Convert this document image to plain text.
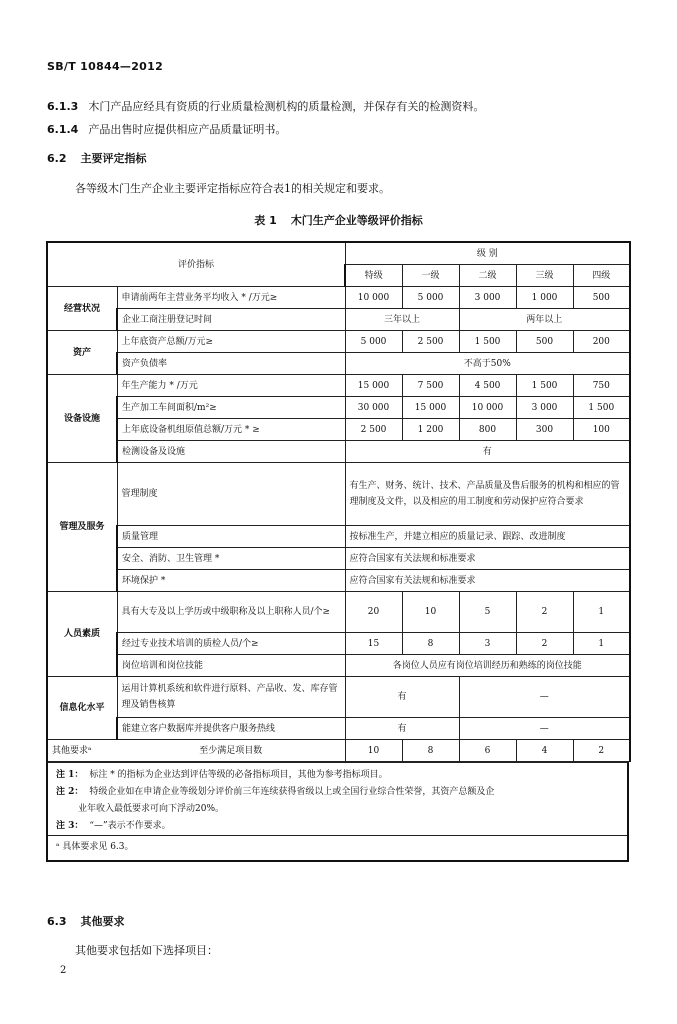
SB/T 10844—2012
6.1.3 木门产品应经具有资质的行业质量检测机构的质量检测，并保存有关的检测资料。
6.1.4 产品出售时应提供相应产品质量证明书。
6.2 主要评定指标
各等级木门生产企业主要评定指标应符合表1的相关规定和要求。
表 1 木门生产企业等级评价指标
评价指标		级 别				
		特级	一级	二级	三级	四级
经营状况	申请前两年主营业务平均收入 * /万元≥	10 000	5 000	3 000	1 000	500
	企业工商注册登记时间	三年以上		两年以上		
资产	上年底资产总额/万元≥	5 000	2 500	1 500	500	200
	资产负债率	不高于50%				
设备设施	年生产能力 * /万元	15 000	7 500	4 500	1 500	750
	生产加工车间面积/m²≥	30 000	15 000	10 000	3 000	1 500
	上年底设备机组原值总额/万元 * ≥	2 500	1 200	800	300	100
	检测设备及设施	有				
管理及服务	管理制度	有生产、财务、统计、技术、产品质量及售后服务的机构和相应的管理制度及文件，以及相应的用工制度和劳动保护应符合要求				
	质量管理	按标准生产，并建立相应的质量记录、跟踪、改进制度				
	安全、消防、卫生管理 *	应符合国家有关法规和标准要求				
	环境保护 *	应符合国家有关法规和标准要求				
人员素质	具有大专及以上学历或中级职称及以上职称人员/个≥	20	10	5	2	1
	经过专业技术培训的质检人员/个≥	15	8	3	2	1
	岗位培训和岗位技能	各岗位人员应有岗位培训经历和熟练的岗位技能				
信息化水平	运用计算机系统和软件进行原料、产品收、发、库存管理及销售核算	有		—		
	能建立客户数据库并提供客户服务热线	有		—		
其他要求ᵃ	至少满足项目数	10	8	6	4	2
注 1： 标注 * 的指标为企业达到评估等级的必备指标项目，其他为参考指标项目。
注 2： 特级企业如在申请企业等级划分评价前三年连续获得省级以上或全国行业综合性荣誉，其资产总额及企
业年收入最低要求可向下浮动20%。
注 3： “—”表示不作要求。
ᵃ 具体要求见 6.3。
6.3 其他要求
其他要求包括如下选择项目：
2
